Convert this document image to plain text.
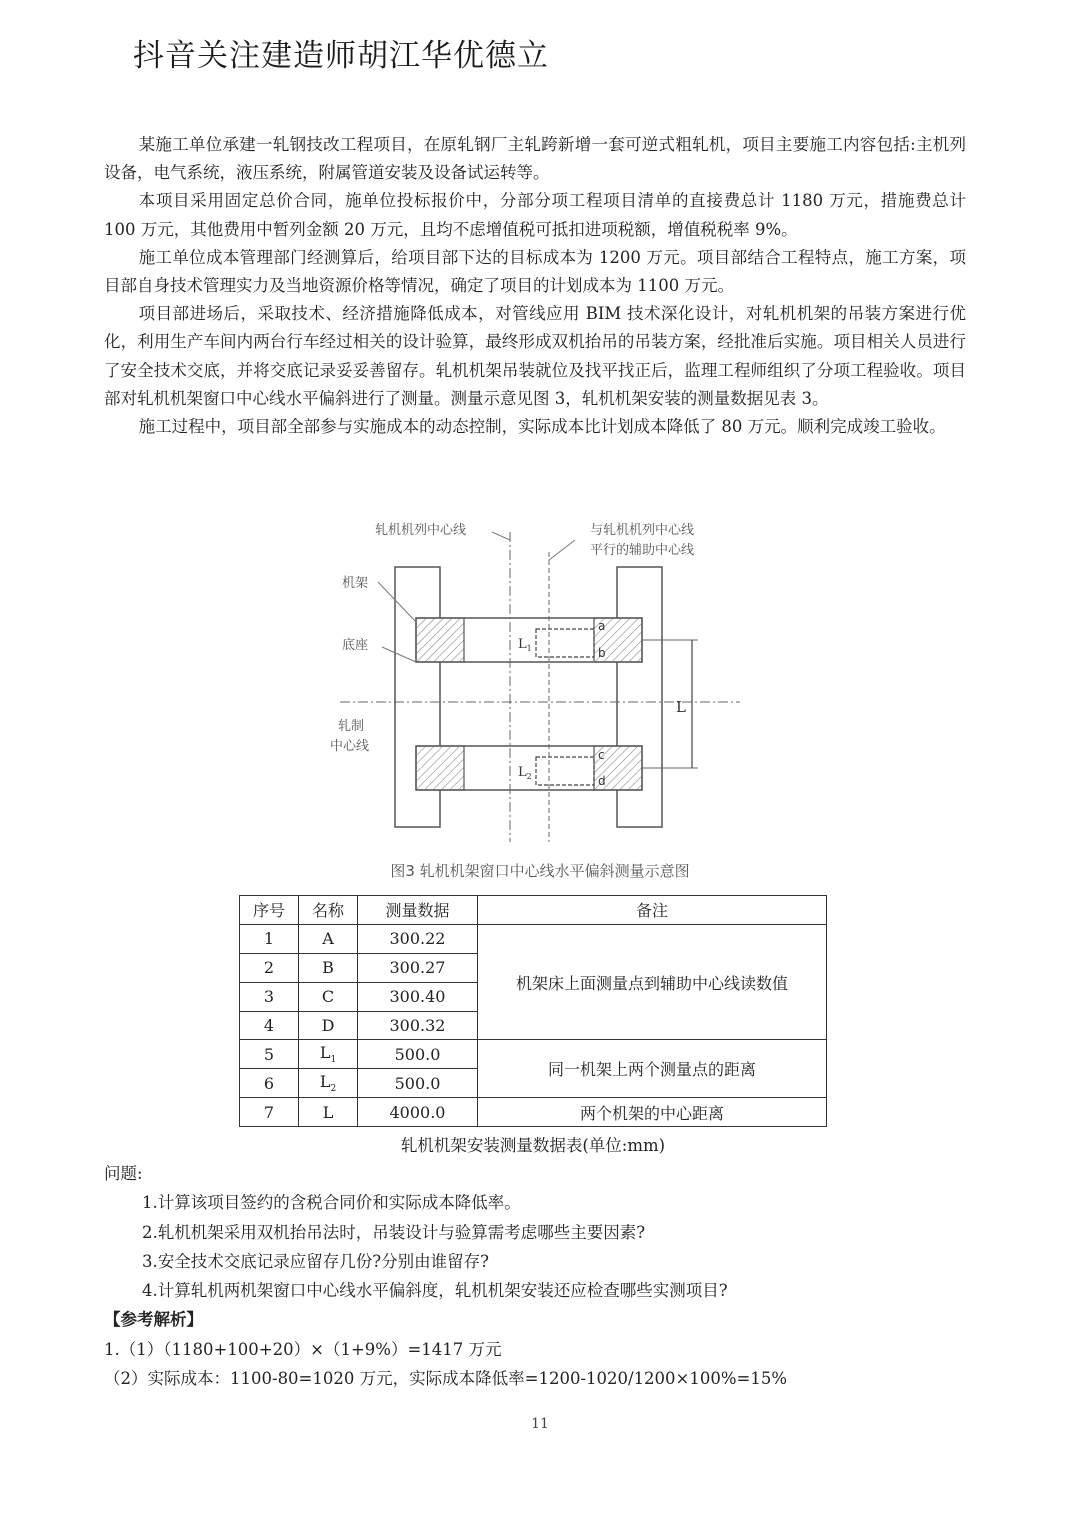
抖音关注建造师胡江华优德立

某施工单位承建一轧钢技改工程项目，在原轧钢厂主轧跨新增一套可逆式粗轧机，项目主要施工内容包括:主机列设备，电气系统，液压系统，附属管道安装及设备试运转等。

本项目采用固定总价合同，施单位投标报价中，分部分项工程项目清单的直接费总计 1180 万元，措施费总计 100 万元，其他费用中暂列金额 20 万元，且均不虑增值税可抵扣进项税额，增值税税率 9%。

施工单位成本管理部门经测算后，给项目部下达的目标成本为 1200 万元。项目部结合工程特点，施工方案，项目部自身技术管理实力及当地资源价格等情况，确定了项目的计划成本为 1100 万元。

项目部进场后，采取技术、经济措施降低成本，对管线应用 BIM 技术深化设计，对轧机机架的吊装方案进行优化，利用生产车间内两台行车经过相关的设计验算，最终形成双机抬吊的吊装方案，经批准后实施。项目相关人员进行了安全技术交底，并将交底记录妥妥善留存。轧机机架吊装就位及找平找正后，监理工程师组织了分项工程验收。项目部对轧机机架窗口中心线水平偏斜进行了测量。测量示意见图 3，轧机机架安装的测量数据见表 3。

施工过程中，项目部全部参与实施成本的动态控制，实际成本比计划成本降低了 80 万元。顺利完成竣工验收。

轧机机列中心线	与轧机机列中心线
平行的辅助中心线
机架
底座
轧制
中心线
L
$L_1$
$L_2$
a
b
c
d
图3 轧机机架窗口中心线水平偏斜测量示意图
序号	名称	测量数据	备注
1	A	300.22	机架床上面测量点到辅助中心线读数值
2	B	300.27	
3	C	300.40	
4	D	300.32	
5	$L_1$	500.0	同一机架上两个测量点的距离
6	$L_2$	500.0	
7	L	4000.0	两个机架的中心距离
轧机机架安装测量数据表(单位:mm)
问题:
1.计算该项目签约的含税合同价和实际成本降低率。
2.轧机机架采用双机抬吊法时，吊装设计与验算需考虑哪些主要因素?
3.安全技术交底记录应留存几份?分别由谁留存?
4.计算轧机两机架窗口中心线水平偏斜度，轧机机架安装还应检查哪些实测项目?
【参考解析】
1.（1）（1180+100+20）×（1+9%）=1417 万元
（2）实际成本：1100-80=1020 万元，实际成本降低率=1200-1020/1200×100%=15%
11
